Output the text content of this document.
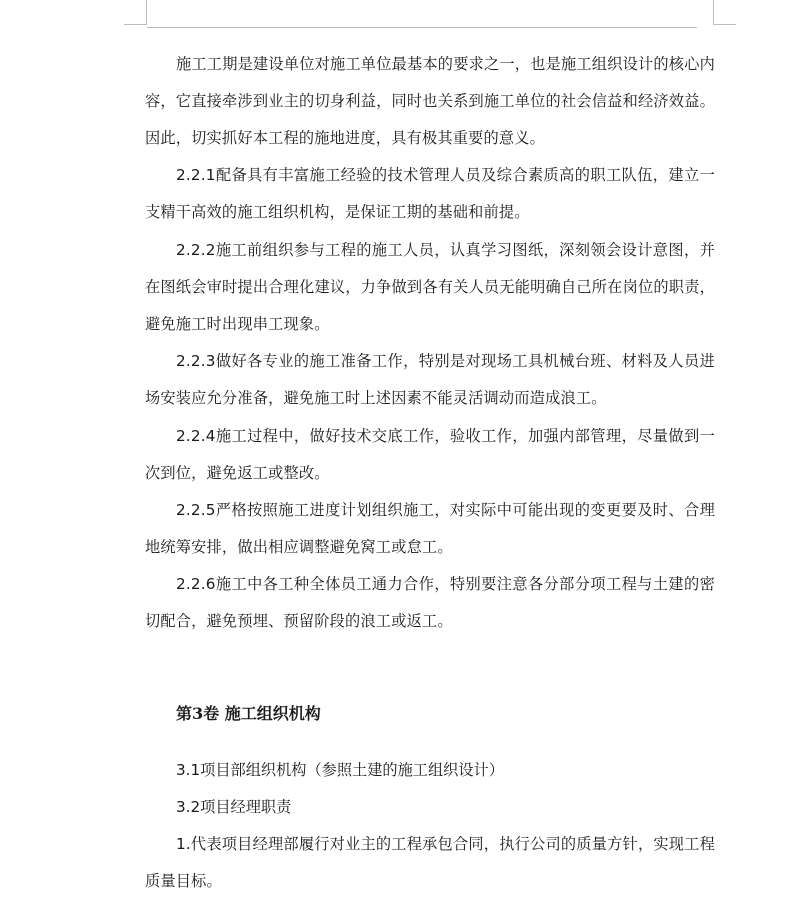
施工工期是建设单位对施工单位最基本的要求之一，也是施工组织设计的核心内容，它直接牵涉到业主的切身利益，同时也关系到施工单位的社会信益和经济效益。因此，切实抓好本工程的施地进度，具有极其重要的意义。

2.2.1配备具有丰富施工经验的技术管理人员及综合素质高的职工队伍，建立一支精干高效的施工组织机构，是保证工期的基础和前提。

2.2.2施工前组织参与工程的施工人员，认真学习图纸，深刻领会设计意图，并在图纸会审时提出合理化建议，力争做到各有关人员无能明确自己所在岗位的职责，避免施工时出现串工现象。

2.2.3做好各专业的施工准备工作，特别是对现场工具机械台班、材料及人员进场安装应允分准备，避免施工时上述因素不能灵活调动而造成浪工。

2.2.4施工过程中，做好技术交底工作，验收工作，加强内部管理，尽量做到一次到位，避免返工或整改。

2.2.5严格按照施工进度计划组织施工，对实际中可能出现的变更要及时、合理地统筹安排，做出相应调整避免窝工或怠工。

2.2.6施工中各工种全体员工通力合作，特别要注意各分部分项工程与土建的密切配合，避免预埋、预留阶段的浪工或返工。

第3卷 施工组织机构
3.1项目部组织机构（参照土建的施工组织设计）
3.2项目经理职责

1.代表项目经理部履行对业主的工程承包合同，执行公司的质量方针，实现工程质量目标。
